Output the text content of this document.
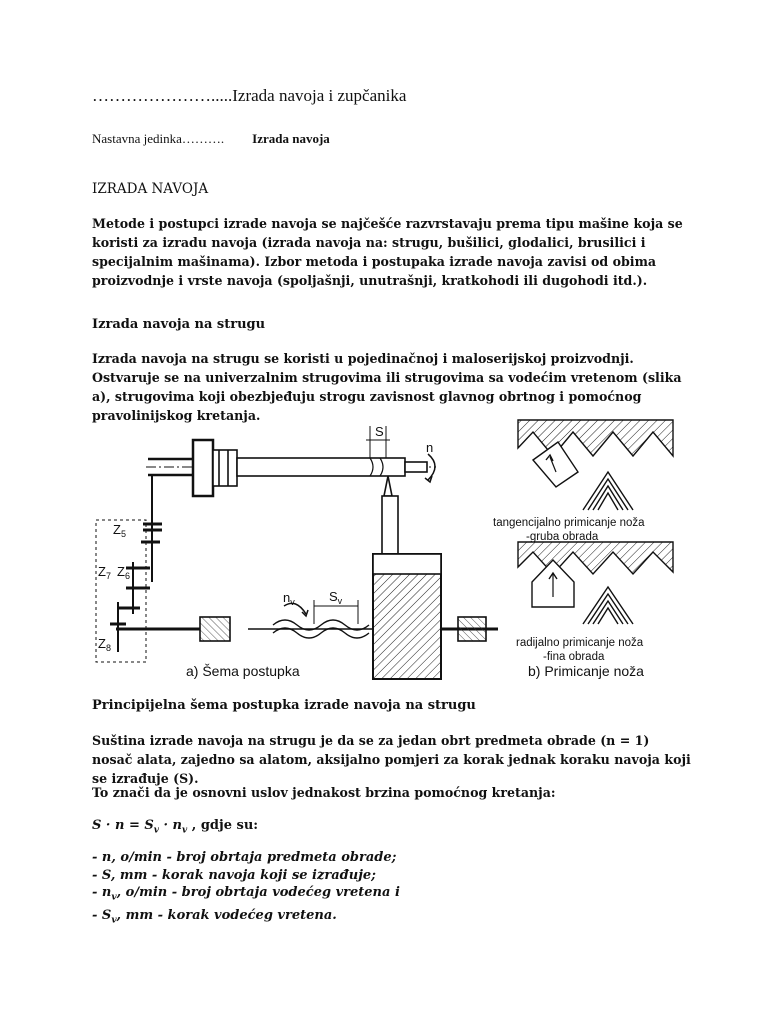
………………….....Izrada navoja i zupčanika
Nastavna jedinka………. Izrada navoja
IZRADA NAVOJA
Metode i postupci izrade navoja se najčešće razvrstavaju prema tipu mašine koja se koristi za izradu navoja (izrada navoja na: strugu, bušilici, glodalici, brusilici i specijalnim mašinama). Izbor metoda i postupaka izrade navoja zavisi od obima proizvodnje i vrste navoja (spoljašnji, unutrašnji, kratkohodi ili dugohodi itd.).
Izrada navoja na strugu
Izrada navoja na strugu se koristi u pojedinačnoj i maloserijskoj proizvodnji. Ostvaruje se na univerzalnim strugovima ili strugovima sa vodećim vretenom (slika a), strugovima koji obezbjeđuju strogu zavisnost glavnog obrtnog i pomoćnog pravolinijskog kretanja.
S
n
$n_v$	$S_v$
$Z_5$
$Z_7$ $Z_6$
$Z_8$
a) Šema postupka
tangencijalno primicanje noža
-gruba obrada
radijalno primicanje noža
-fina obrada
b) Primicanje noža
Principijelna šema postupka izrade navoja na strugu
Suština izrade navoja na strugu je da se za jedan obrt predmeta obrade (n = 1) nosač alata, zajedno sa alatom, aksijalno pomjeri za korak jednak koraku navoja koji se izrađuje (S).
To znači da je osnovni uslov jednakost brzina pomoćnog kretanja:
$S \cdot n = S_v \cdot n_v$ , gdje su:
- n, o/min - broj obrtaja predmeta obrade;
- S, mm - korak navoja koji se izrađuje;
- $n_v$, o/min - broj obrtaja vodećeg vretena i
- $S_v$, mm - korak vodećeg vretena.
